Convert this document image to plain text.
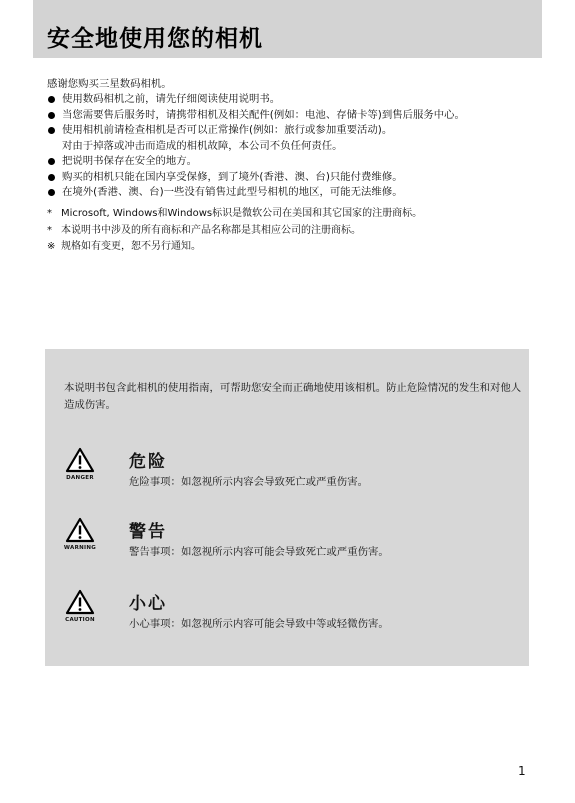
安全地使用您的相机
感谢您购买三星数码相机。
使用数码相机之前，请先仔细阅读使用说明书。
当您需要售后服务时，请携带相机及相关配件(例如：电池、存储卡等)到售后服务中心。
使用相机前请检查相机是否可以正常操作(例如：旅行或参加重要活动)。
对由于掉落或冲击而造成的相机故障，本公司不负任何责任。
把说明书保存在安全的地方。
购买的相机只能在国内享受保修，到了境外(香港、澳、台)只能付费维修。
在境外(香港、澳、台)一些没有销售过此型号相机的地区，可能无法维修。
* Microsoft, Windows和Windows标识是微软公司在美国和其它国家的注册商标。
* 本说明书中涉及的所有商标和产品名称都是其相应公司的注册商标。
※ 规格如有变更，恕不另行通知。
本说明书包含此相机的使用指南，可帮助您安全而正确地使用该相机。防止危险情况的发生和对他人造成伤害。
DANGER
危险
危险事项：如忽视所示内容会导致死亡或严重伤害。
WARNING
警告
警告事项：如忽视所示内容可能会导致死亡或严重伤害。
CAUTION
小心
小心事项：如忽视所示内容可能会导致中等或轻微伤害。
1
